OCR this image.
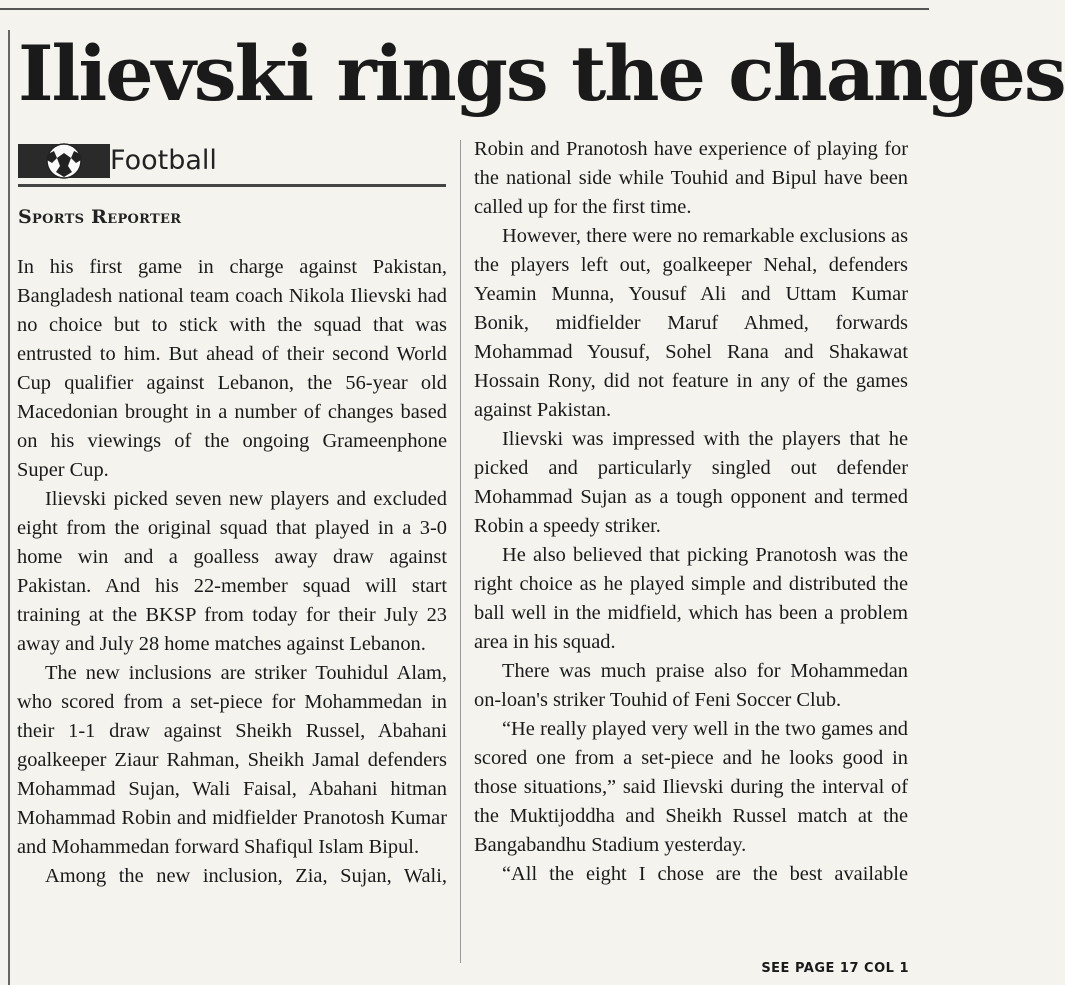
Ilievski rings the changes
Football
Sports Reporter

In his first game in charge against Pakistan, Bangladesh national team coach Nikola Ilievski had no choice but to stick with the squad that was entrusted to him. But ahead of their second World Cup qualifier against Lebanon, the 56-year old Macedonian brought in a number of changes based on his viewings of the ongoing Grameenphone Super Cup.

Ilievski picked seven new players and excluded eight from the original squad that played in a 3-0 home win and a goalless away draw against Pakistan. And his 22-member squad will start training at the BKSP from today for their July 23 away and July 28 home matches against Lebanon.

The new inclusions are striker Touhidul Alam, who scored from a set-piece for Mohammedan in their 1-1 draw against Sheikh Russel, Abahani goalkeeper Ziaur Rahman, Sheikh Jamal defenders Mohammad Sujan, Wali Faisal, Abahani hitman Mohammad Robin and midfielder Pranotosh Kumar and Mohammedan forward Shafiqul Islam Bipul.

Among the new inclusion, Zia, Sujan, Wali,

Robin and Pranotosh have experience of playing for the national side while Touhid and Bipul have been called up for the first time.

However, there were no remarkable exclusions as the players left out, goalkeeper Nehal, defenders Yeamin Munna, Yousuf Ali and Uttam Kumar Bonik, midfielder Maruf Ahmed, forwards Mohammad Yousuf, Sohel Rana and Shakawat Hossain Rony, did not feature in any of the games against Pakistan.

Ilievski was impressed with the players that he picked and particularly singled out defender Mohammad Sujan as a tough opponent and termed Robin a speedy striker.

He also believed that picking Pranotosh was the right choice as he played simple and distributed the ball well in the midfield, which has been a problem area in his squad.

There was much praise also for Mohammedan on-loan's striker Touhid of Feni Soccer Club.

“He really played very well in the two games and scored one from a set-piece and he looks good in those situations,” said Ilievski during the interval of the Muktijoddha and Sheikh Russel match at the Bangabandhu Stadium yesterday.

“All the eight I chose are the best available

SEE PAGE 17 COL 1
